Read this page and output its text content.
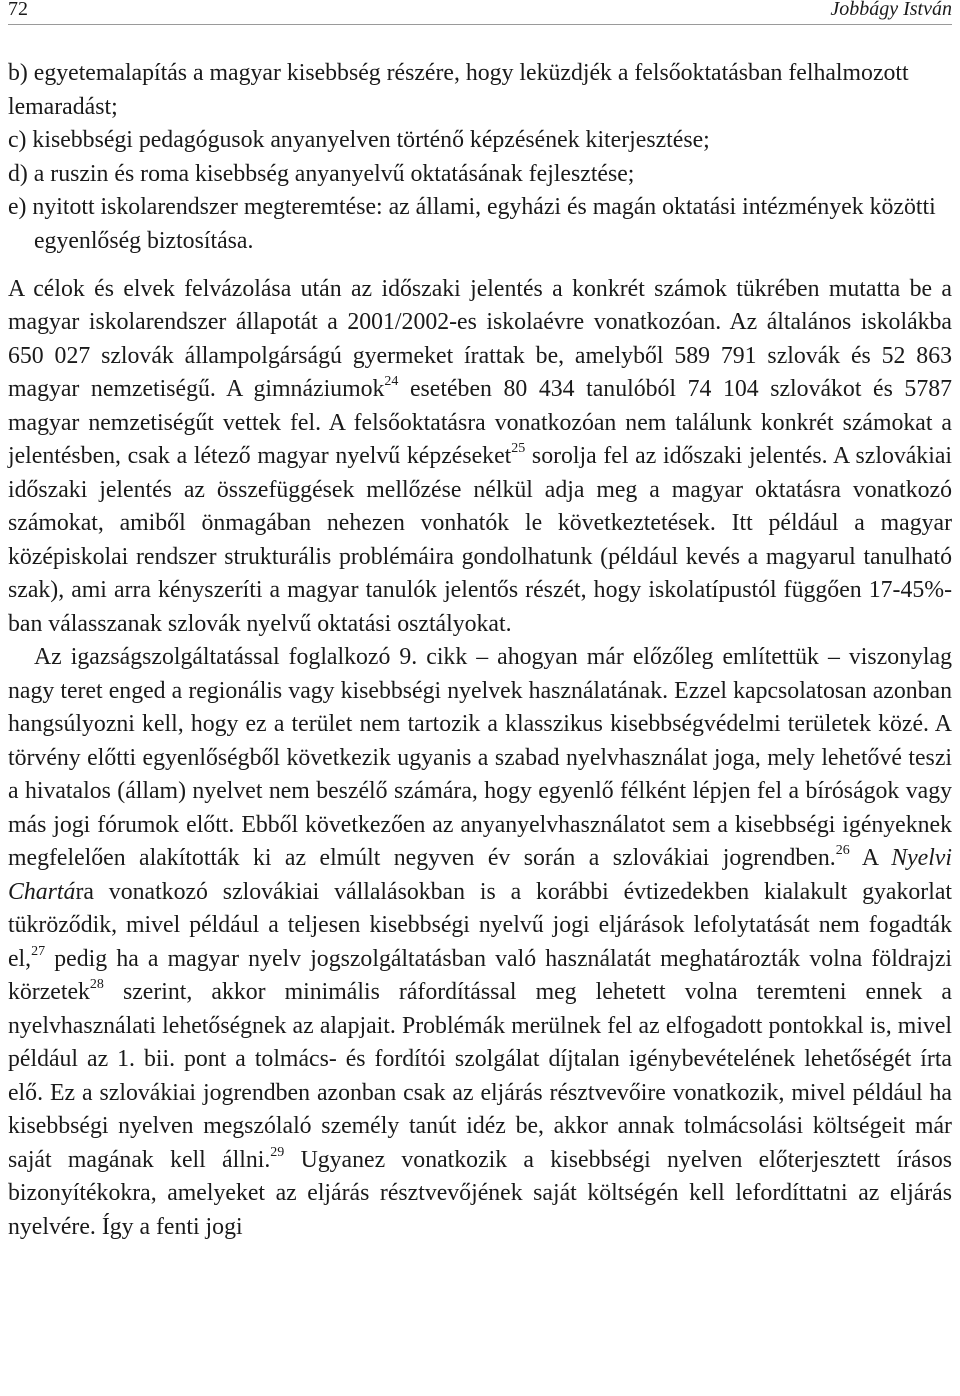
72	Jobbágy István

b) egyetemalapítás a magyar kisebbség részére, hogy leküzdjék a felsőoktatásban felhalmozott lemaradást;

c) kisebbségi pedagógusok anyanyelven történő képzésének kiterjesztése;

d) a ruszin és roma kisebbség anyanyelvű oktatásának fejlesztése;

e) nyitott iskolarendszer megteremtése: az állami, egyházi és magán oktatási intézmények közötti egyenlőség biztosítása.

A célok és elvek felvázolása után az időszaki jelentés a konkrét számok tükrében mutatta be a magyar iskolarendszer állapotát a 2001/2002-es iskolaévre vonatkozóan. Az általános iskolákba 650 027 szlovák állampolgárságú gyermeket írattak be, amelyből 589 791 szlovák és 52 863 magyar nemzetiségű. A gimnáziumok$^{24}$ esetében 80 434 tanulóból 74 104 szlovákot és 5787 magyar nemzetiségűt vettek fel. A felsőoktatásra vonatkozóan nem találunk konkrét számokat a jelentésben, csak a létező magyar nyelvű képzéseket$^{25}$ sorolja fel az időszaki jelentés. A szlovákiai időszaki jelentés az összefüggések mellőzése nélkül adja meg a magyar oktatásra vonatkozó számokat, amiből önmagában nehezen vonhatók le következtetések. Itt például a magyar középiskolai rendszer strukturális problémáira gondolhatunk (például kevés a magyarul tanulható szak), ami arra kényszeríti a magyar tanulók jelentős részét, hogy iskolatípustól függően 17-45%-ban válasszanak szlovák nyelvű oktatási osztályokat.

Az igazságszolgáltatással foglalkozó 9. cikk – ahogyan már előzőleg említettük – viszonylag nagy teret enged a regionális vagy kisebbségi nyelvek használatának. Ezzel kapcsolatosan azonban hangsúlyozni kell, hogy ez a terület nem tartozik a klasszikus kisebbségvédelmi területek közé. A törvény előtti egyenlőségből következik ugyanis a szabad nyelvhasználat joga, mely lehetővé teszi a hivatalos (állam) nyelvet nem beszélő számára, hogy egyenlő félként lépjen fel a bíróságok vagy más jogi fórumok előtt. Ebből következően az anyanyelvhasználatot sem a kisebbségi igényeknek megfelelően alakították ki az elmúlt negyven év során a szlovákiai jogrendben.$^{26}$ A Nyelvi Chartára vonatkozó szlovákiai vállalásokban is a korábbi évtizedekben kialakult gyakorlat tükröződik, mivel például a teljesen kisebbségi nyelvű jogi eljárások lefolytatását nem fogadták el,$^{27}$ pedig ha a magyar nyelv jogszolgáltatásban való használatát meghatározták volna földrajzi körzetek$^{28}$ szerint, akkor minimális ráfordítással meg lehetett volna teremteni ennek a nyelvhasználati lehetőségnek az alapjait. Problémák merülnek fel az elfogadott pontokkal is, mivel például az 1. bii. pont a tolmács- és fordítói szolgálat díjtalan igénybevételének lehetőségét írta elő. Ez a szlovákiai jogrendben azonban csak az eljárás résztvevőire vonatkozik, mivel például ha kisebbségi nyelven megszólaló személy tanút idéz be, akkor annak tolmácsolási költségeit már saját magának kell állni.$^{29}$ Ugyanez vonatkozik a kisebbségi nyelven előterjesztett írásos bizonyítékokra, amelyeket az eljárás résztvevőjének saját költségén kell lefordíttatni az eljárás nyelvére. Így a fenti jogi
